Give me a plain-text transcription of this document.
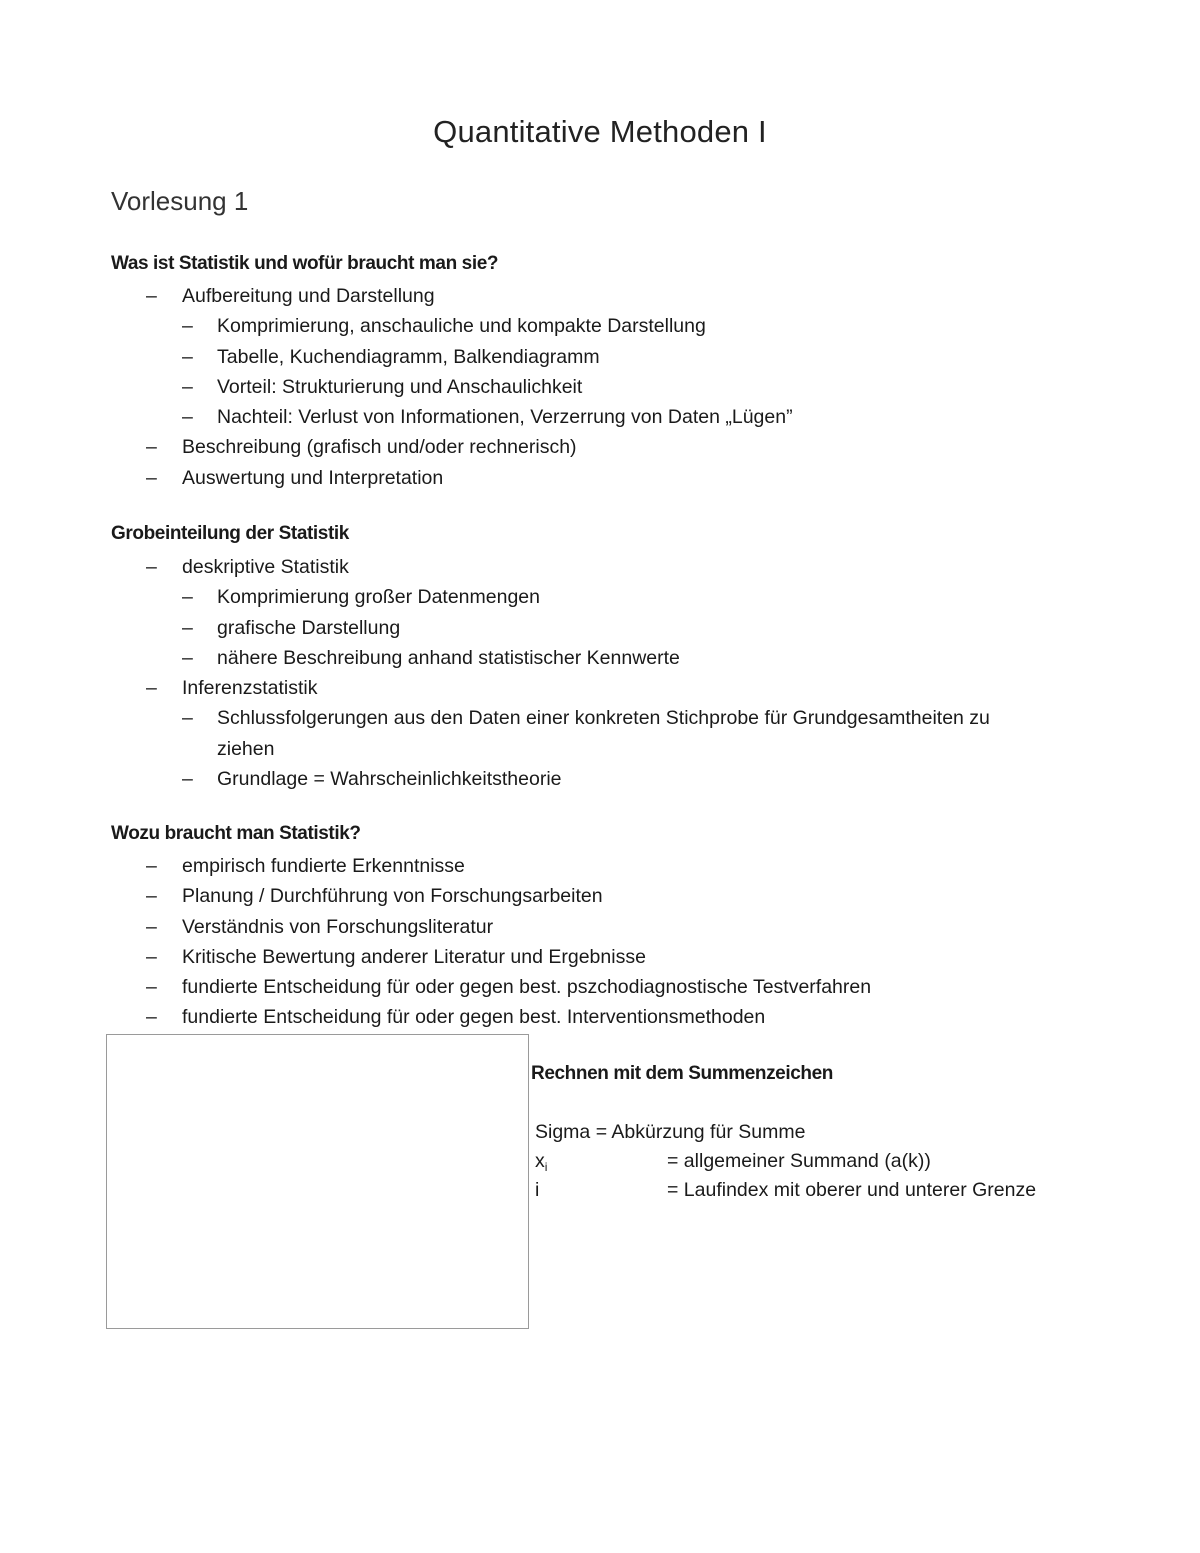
Quantitative Methoden I
Vorlesung 1
Was ist Statistik und wofür braucht man sie?
– Aufbereitung und Darstellung
– Komprimierung, anschauliche und kompakte Darstellung
– Tabelle, Kuchendiagramm, Balkendiagramm
– Vorteil: Strukturierung und Anschaulichkeit
– Nachteil: Verlust von Informationen, Verzerrung von Daten „Lügen”
– Beschreibung (grafisch und/oder rechnerisch)
– Auswertung und Interpretation
Grobeinteilung der Statistik
– deskriptive Statistik
– Komprimierung großer Datenmengen
– grafische Darstellung
– nähere Beschreibung anhand statistischer Kennwerte
– Inferenzstatistik
– Schlussfolgerungen aus den Daten einer konkreten Stichprobe für Grundgesamtheiten zu
ziehen
– Grundlage = Wahrscheinlichkeitstheorie
Wozu braucht man Statistik?
– empirisch fundierte Erkenntnisse
– Planung / Durchführung von Forschungsarbeiten
– Verständnis von Forschungsliteratur
– Kritische Bewertung anderer Literatur und Ergebnisse
– fundierte Entscheidung für oder gegen best. pszchodiagnostische Testverfahren
– fundierte Entscheidung für oder gegen best. Interventionsmethoden
Rechnen mit dem Summenzeichen
Sigma = Abkürzung für Summe
$x_i$	= allgemeiner Summand (a(k))
i	= Laufindex mit oberer und unterer Grenze
